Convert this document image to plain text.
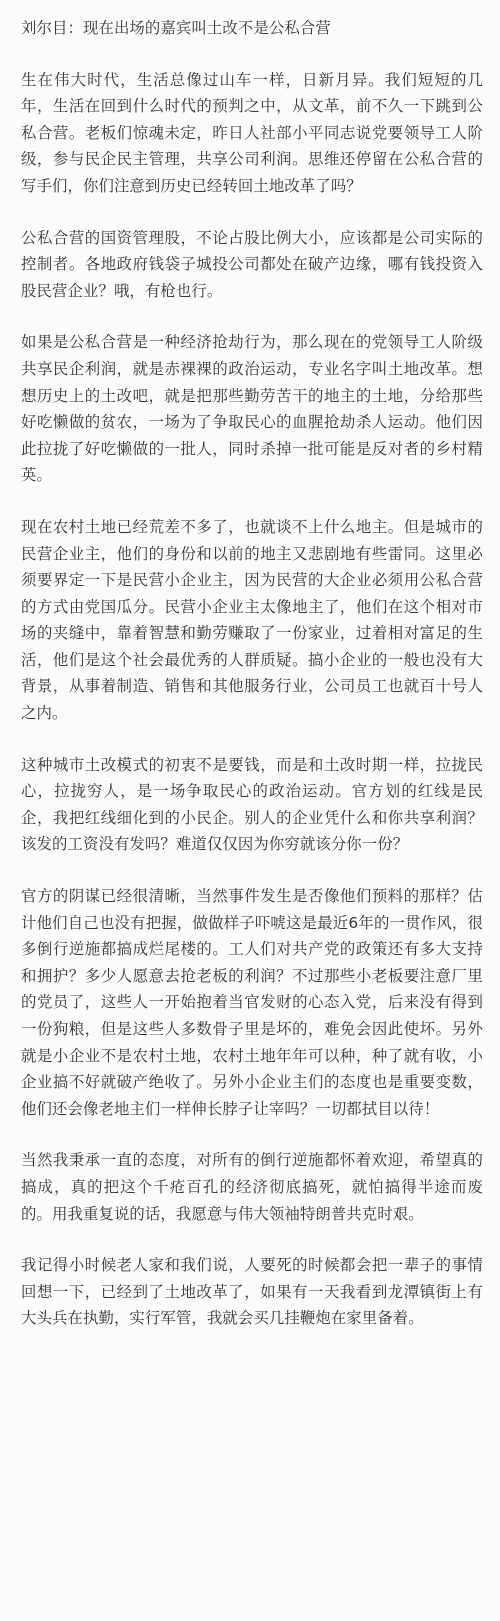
刘尔目：现在出场的嘉宾叫土改不是公私合营

生在伟大时代，生活总像过山车一样，日新月异。我们短短的几年，生活在回到什么时代的预判之中，从文革，前不久一下跳到公私合营。老板们惊魂未定，昨日人社部小平同志说党要领导工人阶级，参与民企民主管理，共享公司利润。思维还停留在公私合营的写手们，你们注意到历史已经转回土地改革了吗？

公私合营的国资管理股，不论占股比例大小，应该都是公司实际的控制者。各地政府钱袋子城投公司都处在破产边缘，哪有钱投资入股民营企业？哦，有枪也行。

如果是公私合营是一种经济抢劫行为，那么现在的党领导工人阶级共享民企利润，就是赤裸裸的政治运动，专业名字叫土地改革。想想历史上的土改吧，就是把那些勤劳苦干的地主的土地，分给那些好吃懒做的贫农，一场为了争取民心的血腥抢劫杀人运动。他们因此拉拢了好吃懒做的一批人，同时杀掉一批可能是反对者的乡村精英。

现在农村土地已经荒差不多了，也就谈不上什么地主。但是城市的民营企业主，他们的身份和以前的地主又悲剧地有些雷同。这里必须要界定一下是民营小企业主，因为民营的大企业必须用公私合营的方式由党国瓜分。民营小企业主太像地主了，他们在这个相对市场的夹缝中，靠着智慧和勤劳赚取了一份家业，过着相对富足的生活，他们是这个社会最优秀的人群质疑。搞小企业的一般也没有大背景，从事着制造、销售和其他服务行业，公司员工也就百十号人之内。

这种城市土改模式的初衷不是要钱，而是和土改时期一样，拉拢民心，拉拢穷人，是一场争取民心的政治运动。官方划的红线是民企，我把红线细化到的小民企。别人的企业凭什么和你共享利润？该发的工资没有发吗？难道仅仅因为你穷就该分你一份？

官方的阴谋已经很清晰，当然事件发生是否像他们预料的那样？估计他们自己也没有把握，做做样子吓唬这是最近6年的一贯作风，很多倒行逆施都搞成烂尾楼的。工人们对共产党的政策还有多大支持和拥护？多少人愿意去抢老板的利润？不过那些小老板要注意厂里的党员了，这些人一开始抱着当官发财的心态入党，后来没有得到一份狗粮，但是这些人多数骨子里是坏的，难免会因此使坏。另外就是小企业不是农村土地，农村土地年年可以种，种了就有收，小企业搞不好就破产绝收了。另外小企业主们的态度也是重要变数，他们还会像老地主们一样伸长脖子让宰吗？一切都拭目以待！

当然我秉承一直的态度，对所有的倒行逆施都怀着欢迎，希望真的搞成，真的把这个千疮百孔的经济彻底搞死，就怕搞得半途而废的。用我重复说的话，我愿意与伟大领袖特朗普共克时艰。

我记得小时候老人家和我们说，人要死的时候都会把一辈子的事情回想一下，已经到了土地改革了，如果有一天我看到龙潭镇街上有大头兵在执勤，实行军管，我就会买几挂鞭炮在家里备着。
